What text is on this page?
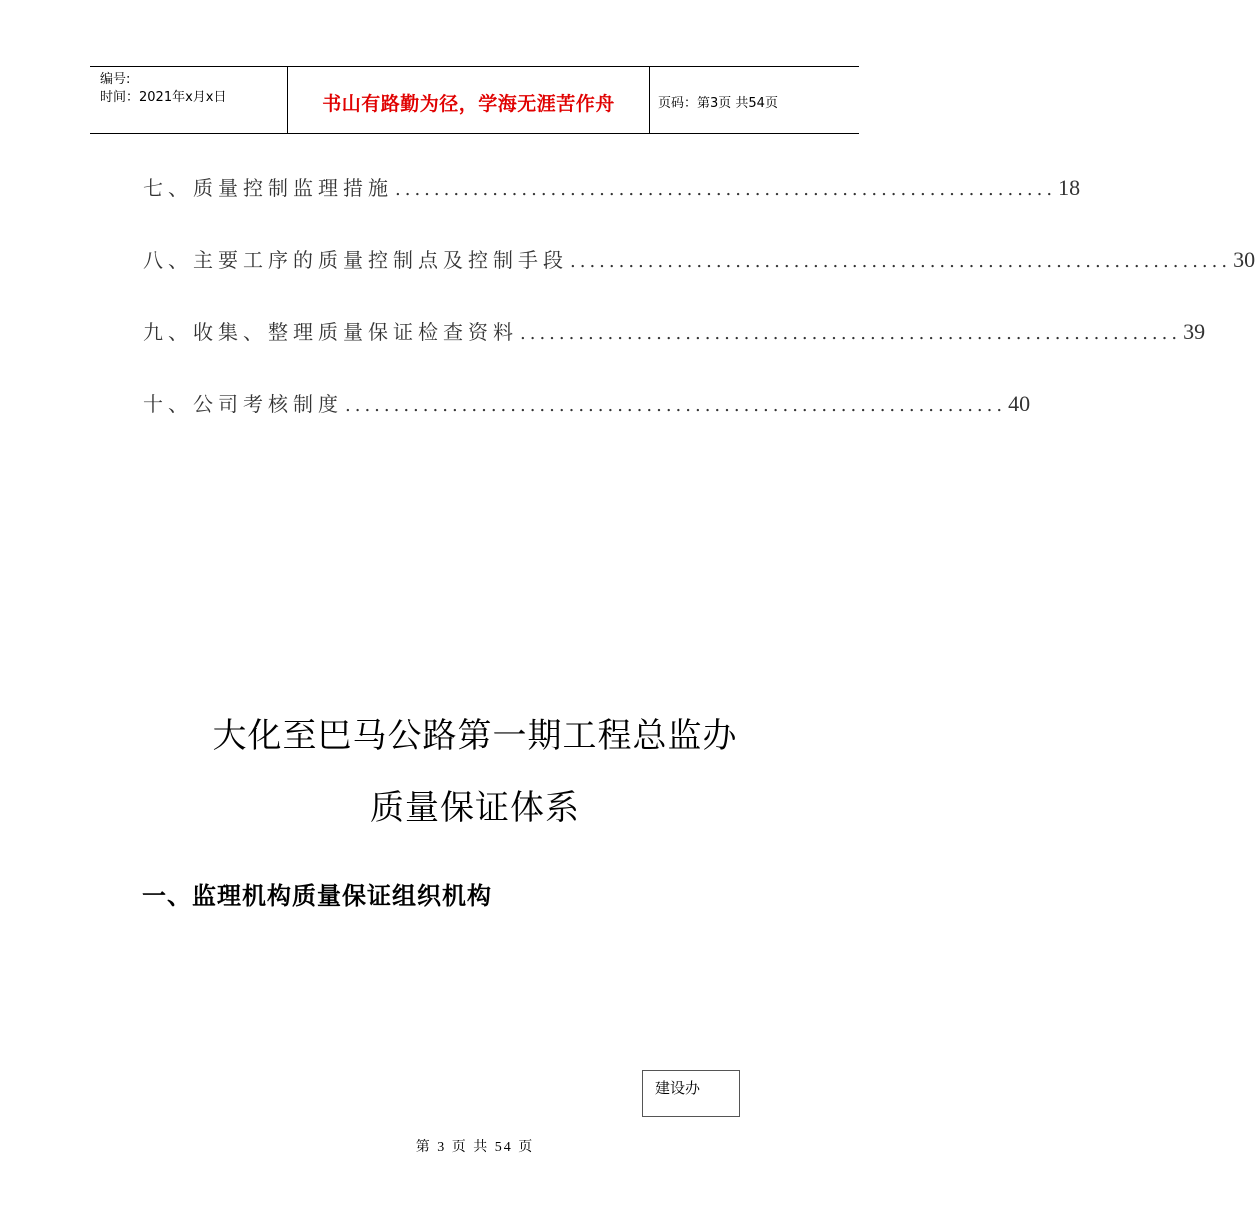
编号:
时间：2021年x月x日	书山有路勤为径，学海无涯苦作舟	页码：第3页 共54页
七、质量控制监理措施 .................................................................... 18
八、主要工序的质量控制点及控制手段 .................................................................... 30
九、收集、整理质量保证检查资料 .................................................................... 39
十、公司考核制度 .................................................................... 40
大化至巴马公路第一期工程总监办
质量保证体系
一、监理机构质量保证组织机构
建设办
第 3 页 共 54 页
